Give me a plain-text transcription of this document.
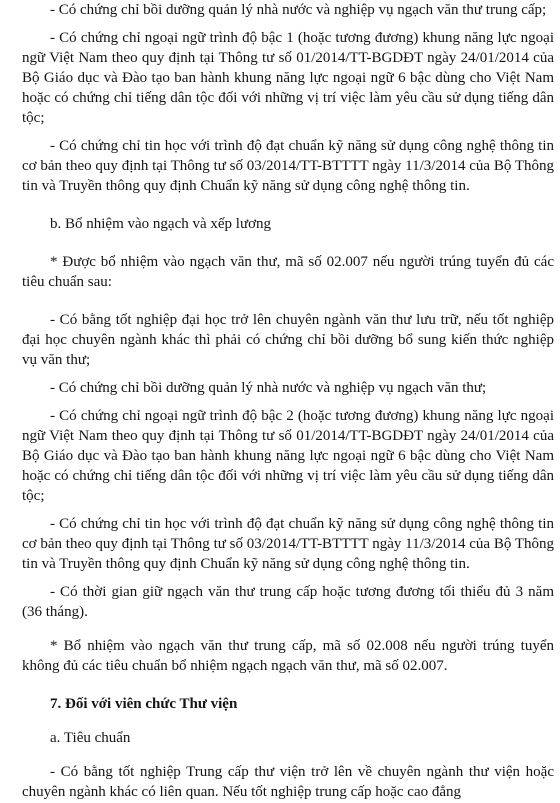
- Có chứng chỉ bồi dưỡng quản lý nhà nước và nghiệp vụ ngạch văn thư trung cấp;

- Có chứng chỉ ngoại ngữ trình độ bậc 1 (hoặc tương đương) khung năng lực ngoại ngữ Việt Nam theo quy định tại Thông tư số 01/2014/TT-BGDĐT ngày 24/01/2014 của Bộ Giáo dục và Đào tạo ban hành khung năng lực ngoại ngữ 6 bậc dùng cho Việt Nam hoặc có chứng chỉ tiếng dân tộc đối với những vị trí việc làm yêu cầu sử dụng tiếng dân tộc;

- Có chứng chỉ tin học với trình độ đạt chuẩn kỹ năng sử dụng công nghệ thông tin cơ bản theo quy định tại Thông tư số 03/2014/TT-BTTTT ngày 11/3/2014 của Bộ Thông tin và Truyền thông quy định Chuẩn kỹ năng sử dụng công nghệ thông tin.

b. Bổ nhiệm vào ngạch và xếp lương

* Được bổ nhiệm vào ngạch văn thư, mã số 02.007 nếu người trúng tuyển đủ các tiêu chuẩn sau:

- Có bằng tốt nghiệp đại học trở lên chuyên ngành văn thư lưu trữ, nếu tốt nghiệp đại học chuyên ngành khác thì phải có chứng chỉ bồi dưỡng bổ sung kiến thức nghiệp vụ văn thư;

- Có chứng chỉ bồi dưỡng quản lý nhà nước và nghiệp vụ ngạch văn thư;

- Có chứng chỉ ngoại ngữ trình độ bậc 2 (hoặc tương đương) khung năng lực ngoại ngữ Việt Nam theo quy định tại Thông tư số 01/2014/TT-BGDĐT ngày 24/01/2014 của Bộ Giáo dục và Đào tạo ban hành khung năng lực ngoại ngữ 6 bậc dùng cho Việt Nam hoặc có chứng chỉ tiếng dân tộc đối với những vị trí việc làm yêu cầu sử dụng tiếng dân tộc;

- Có chứng chỉ tin học với trình độ đạt chuẩn kỹ năng sử dụng công nghệ thông tin cơ bản theo quy định tại Thông tư số 03/2014/TT-BTTTT ngày 11/3/2014 của Bộ Thông tin và Truyền thông quy định Chuẩn kỹ năng sử dụng công nghệ thông tin.

- Có thời gian giữ ngạch văn thư trung cấp hoặc tương đương tối thiểu đủ 3 năm (36 tháng).

* Bổ nhiệm vào ngạch văn thư trung cấp, mã số 02.008 nếu người trúng tuyển không đủ các tiêu chuẩn bổ nhiệm ngạch ngạch văn thư, mã số 02.007.

7. Đối với viên chức Thư viện

a. Tiêu chuẩn

- Có bằng tốt nghiệp Trung cấp thư viện trở lên về chuyên ngành thư viện hoặc chuyên ngành khác có liên quan. Nếu tốt nghiệp trung cấp hoặc cao đẳng
